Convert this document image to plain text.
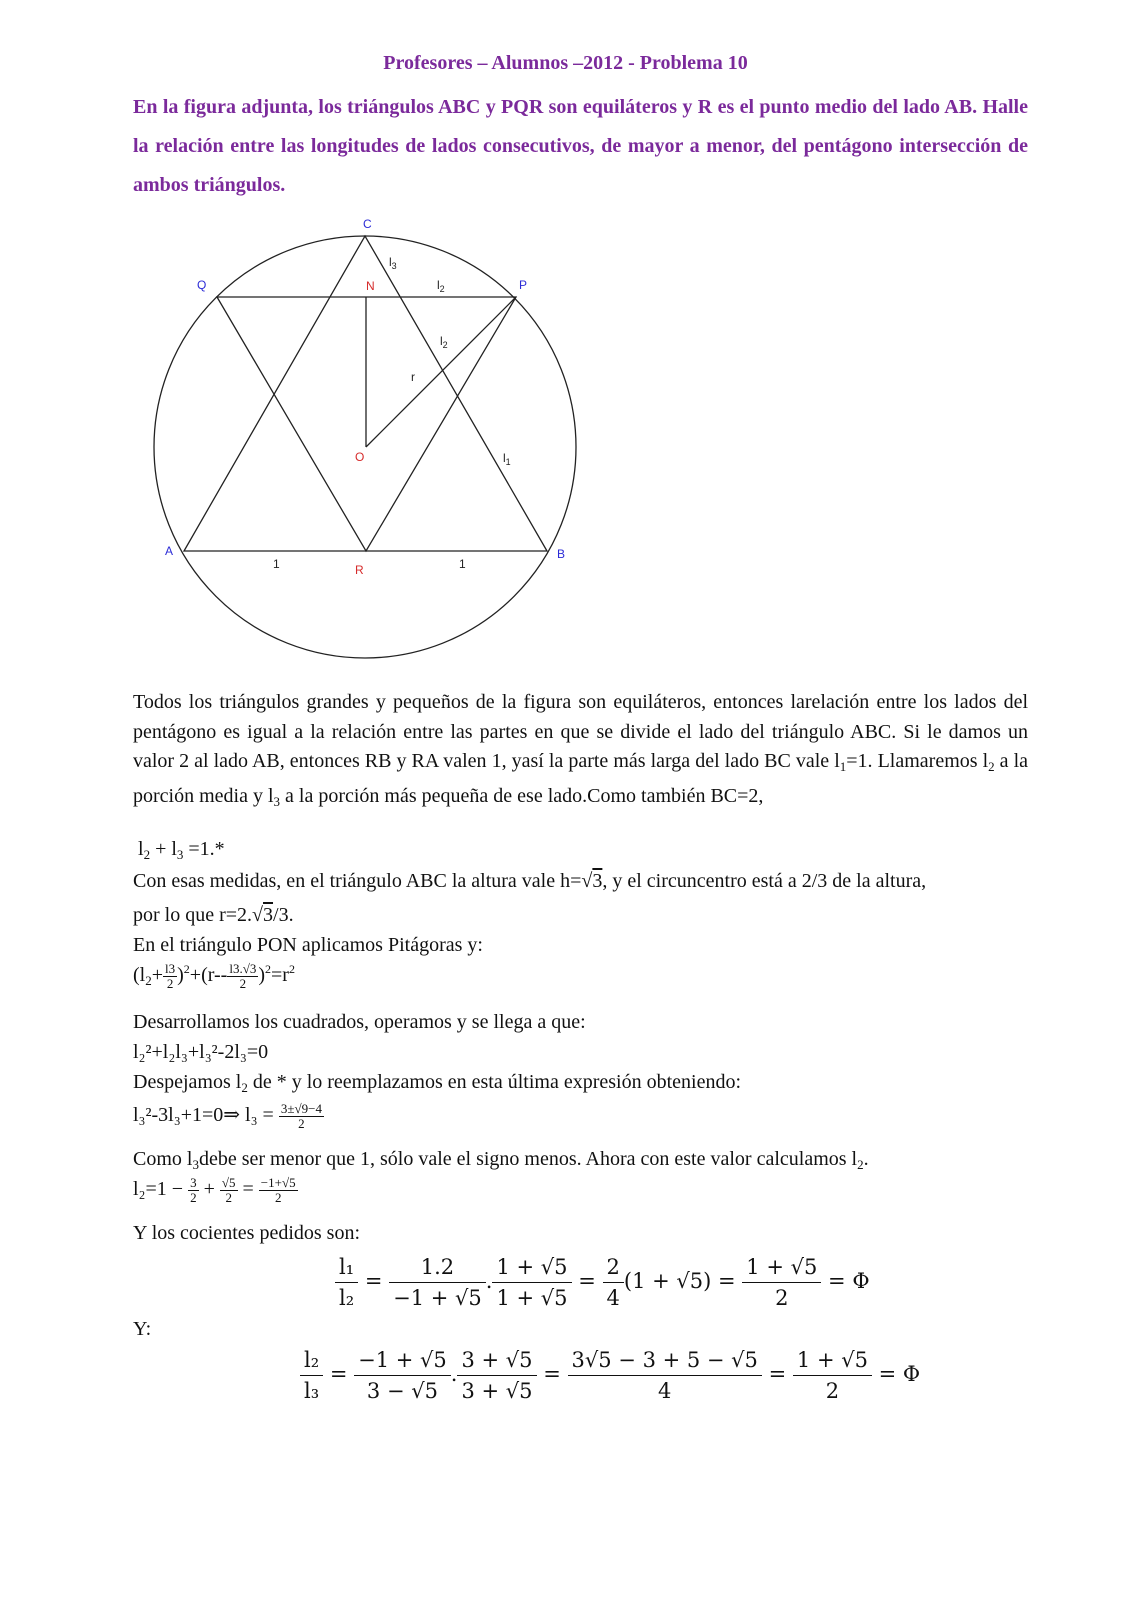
Profesores – Alumnos –2012 - Problema 10

En la figura adjunta, los triángulos ABC y PQR son equiláteros y R es el punto medio del lado AB. Halle la relación entre las longitudes de lados consecutivos, de mayor a menor, del pentágono intersección de ambos triángulos.

C
Q	P
N
O
A	B
R
$l_3$
$l_2$
$l_2$
r
$l_1$
1	1

Todos los triángulos grandes y pequeños de la figura son equiláteros, entonces larelación entre los lados del pentágono es igual a la relación entre las partes en que se divide el lado del triángulo ABC. Si le damos un valor 2 al lado AB, entonces RB y RA valen 1, yasí la parte más larga del lado BC vale $l_1=1$. Llamaremos $l_2$ a la porción media y $l_3$ a la porción más pequeña de ese lado.Como también BC=2,

$l_2 + l_3 =1.*$
Con esas medidas, en el triángulo ABC la altura vale h=√3, y el circuncentro está a 2/3 de la altura,
por lo que r=2.√3/3.
En el triángulo PON aplicamos Pitágoras y:
$(l_2+ \frac{l3}{2} )^2+(r-- \frac{l3.√3}{2} )^2=r^2$
Desarrollamos los cuadrados, operamos y se llega a que:
l₂²+l₂l₃+l₃²-2l₃=0
Despejamos $l_2$ de * y lo reemplazamos en esta última expresión obteniendo:
l₃²-3l₃+1=0⇒ $l_3 = \frac{3\pm√9-4}{2}$
Como $l_3debe$ ser menor que 1, sólo vale el signo menos. Ahora con este valor calculamos $l_2$.
$l_2=1 - \frac{3}{2} + \frac{√5}{2} = \frac{-1+√5}{2}$
Y los cocientes pedidos son:
$\frac{\text{l₁}}{\text{l₂}} = \frac{1.2}{-1 + √5}$ . $\frac{1 + √5}{1 + √5} = \frac{2}{4} (1 + √5) = \frac{1 + √5}{2} = \Phi$
Y:
$\frac{\text{l₂}}{\text{l₃}} = \frac{-1 + √5}{3 - √5}$ . $\frac{3 + √5}{3 + √5} = \frac{3√5 - 3 + 5 - √5}{4} = \frac{1 + √5}{2} = \Phi$
